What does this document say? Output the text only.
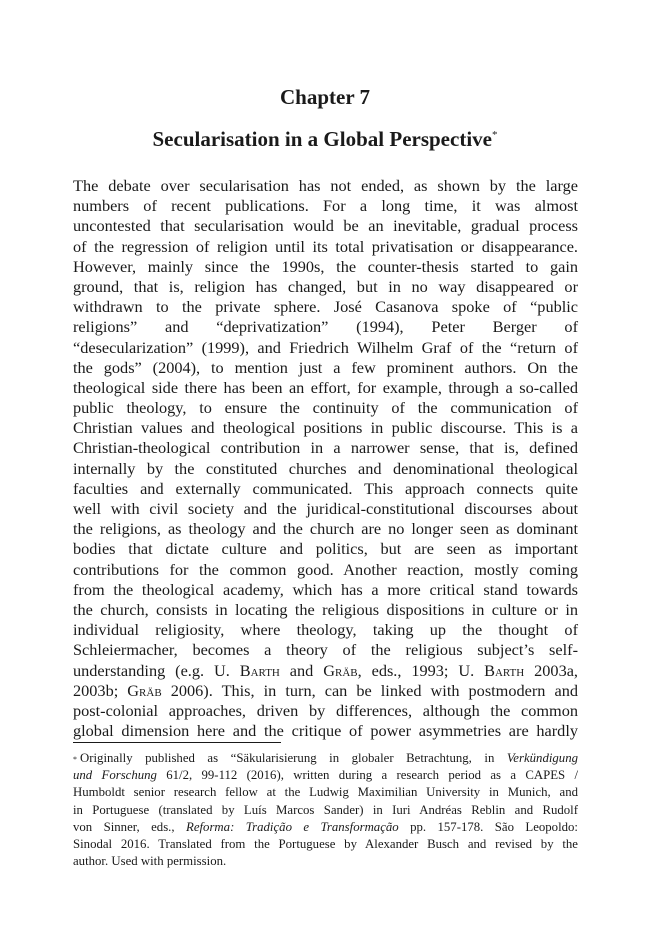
Chapter 7
Secularisation in a Global Perspective*
The debate over secularisation has not ended, as shown by the large
numbers of recent publications. For a long time, it was almost
uncontested that secularisation would be an inevitable, gradual process
of the regression of religion until its total privatisation or disappearance.
However, mainly since the 1990s, the counter-thesis started to gain
ground, that is, religion has changed, but in no way disappeared or
withdrawn to the private sphere. José Casanova spoke of “public
religions” and “deprivatization” (1994), Peter Berger of
“desecularization” (1999), and Friedrich Wilhelm Graf of the “return of
the gods” (2004), to mention just a few prominent authors. On the
theological side there has been an effort, for example, through a so-called
public theology, to ensure the continuity of the communication of
Christian values and theological positions in public discourse. This is a
Christian-theological contribution in a narrower sense, that is, defined
internally by the constituted churches and denominational theological
faculties and externally communicated. This approach connects quite
well with civil society and the juridical-constitutional discourses about
the religions, as theology and the church are no longer seen as dominant
bodies that dictate culture and politics, but are seen as important
contributions for the common good. Another reaction, mostly coming
from the theological academy, which has a more critical stand towards
the church, consists in locating the religious dispositions in culture or in
individual religiosity, where theology, taking up the thought of
Schleiermacher, becomes a theory of the religious subject’s self-
understanding (e.g. U. Barth and Gräb, eds., 1993; U. Barth 2003a,
2003b; Gräb 2006). This, in turn, can be linked with postmodern and
post-colonial approaches, driven by differences, although the common
global dimension here and the critique of power asymmetries are hardly
* Originally published as “Säkularisierung in globaler Betrachtung, in Verkündigung
und Forschung 61/2, 99-112 (2016), written during a research period as a CAPES /
Humboldt senior research fellow at the Ludwig Maximilian University in Munich, and
in Portuguese (translated by Luís Marcos Sander) in Iuri Andréas Reblin and Rudolf
von Sinner, eds., Reforma: Tradição e Transformação pp. 157-178. São Leopoldo:
Sinodal 2016. Translated from the Portuguese by Alexander Busch and revised by the
author. Used with permission.
